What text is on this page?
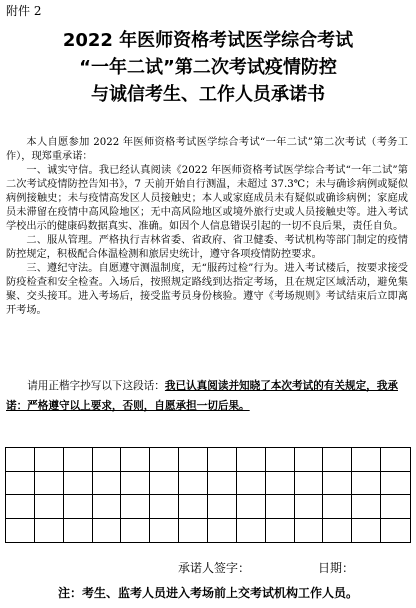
附件 2
2022 年医师资格考试医学综合考试
“一年二试”第二次考试疫情防控
与诚信考生、工作人员承诺书

本人自愿参加 2022 年医师资格考试医学综合考试“一年二试”第二次考试（考务工作），现郑重承诺：

一、诚实守信。我已经认真阅读《2022 年医师资格考试医学综合考试“一年二试”第二次考试疫情防控告知书》，7 天前开始自行测温，未超过 37.3℃；未与确诊病例或疑似病例接触史；未与疫情高发区人员接触史；本人或家庭成员未有疑似或确诊病例；家庭成员未滞留在疫情中高风险地区；无中高风险地区或境外旅行史或人员接触史等。进入考试学校出示的健康码数据真实、准确。如因个人信息错误引起的一切不良后果，责任自负。

二、服从管理。严格执行吉林省委、省政府、省卫健委、考试机构等部门制定的疫情防控规定，积极配合体温检测和旅居史统计，遵守各项疫情防控要求。

三、遵纪守法。自愿遵守测温制度，无“服药过检”行为。进入考试楼后，按要求接受防疫检查和安全检查。入场后，按照规定路线到达指定考场，且在规定区域活动，避免集聚、交头接耳。进入考场后，接受监考员身份核验。遵守《考场规则》考试结束后立即离开考场。

请用正楷字抄写以下这段话：我已认真阅读并知晓了本次考试的有关规定，我承诺：严格遵守以上要求，否则，自愿承担一切后果。
承诺人签字：	日期：
注：考生、监考人员进入考场前上交考试机构工作人员。
